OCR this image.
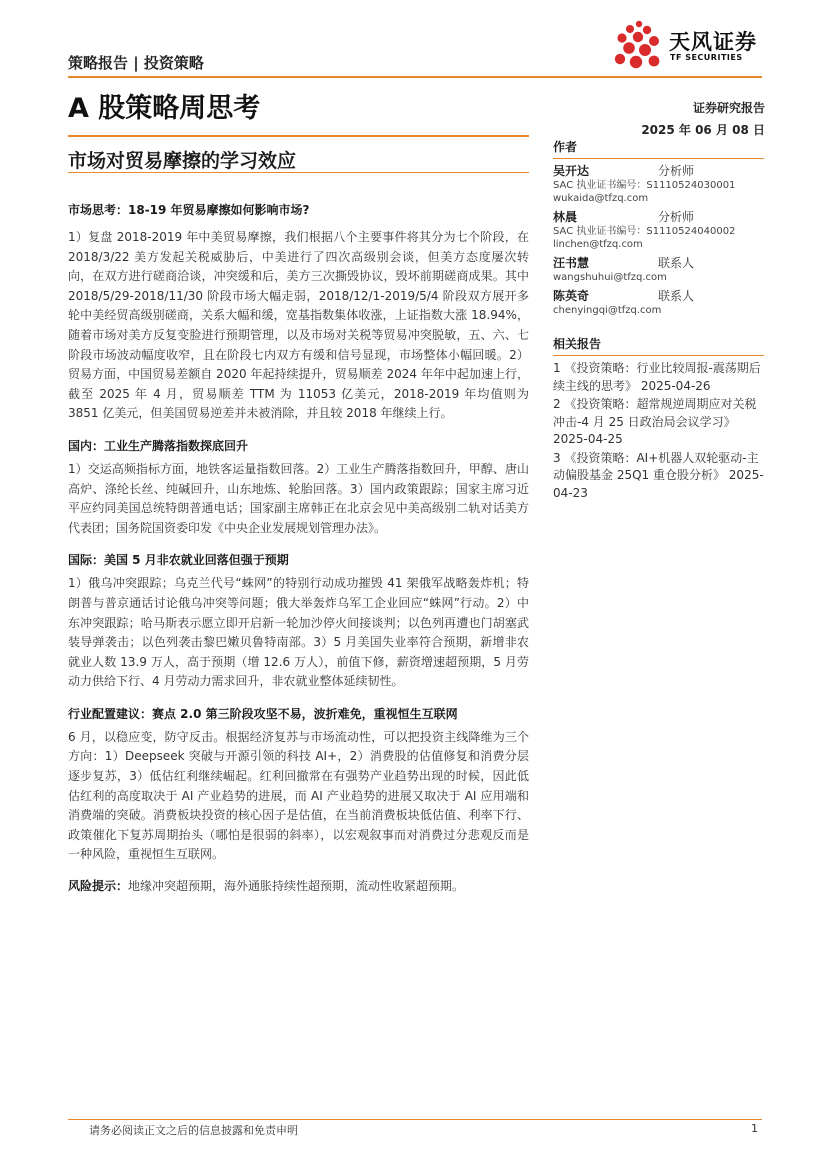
策略报告 | 投资策略
天风证券
TF SECURITIES
A 股策略周思考	证券研究报告
2025 年 06 月 08 日
市场对贸易摩擦的学习效应
市场思考：18-19 年贸易摩擦如何影响市场?

1）复盘 2018-2019 年中美贸易摩擦，我们根据八个主要事件将其分为七个阶段，在 2018/3/22 美方发起关税威胁后，中美进行了四次高级别会谈，但美方态度屡次转向，在双方进行磋商洽谈，冲突缓和后，美方三次撕毁协议，毁坏前期磋商成果。其中 2018/5/29-2018/11/30 阶段市场大幅走弱，2018/12/1-2019/5/4 阶段双方展开多轮中美经贸高级别磋商，关系大幅和缓，宽基指数集体收涨，上证指数大涨 18.94%，随着市场对美方反复变脸进行预期管理，以及市场对关税等贸易冲突脱敏，五、六、七阶段市场波动幅度收窄，且在阶段七内双方有缓和信号显现，市场整体小幅回暖。2）贸易方面，中国贸易差额自 2020 年起持续提升，贸易顺差 2024 年年中起加速上行，截至 2025 年 4 月，贸易顺差 TTM 为 11053 亿美元，2018-2019 年均值则为 3851 亿美元，但美国贸易逆差并未被消除，并且较 2018 年继续上行。

国内：工业生产腾落指数探底回升

1）交运高频指标方面，地铁客运量指数回落。2）工业生产腾落指数回升，甲醇、唐山高炉、涤纶长丝、纯碱回升，山东地炼、轮胎回落。3）国内政策跟踪；国家主席习近平应约同美国总统特朗普通电话；国家副主席韩正在北京会见中美高级别二轨对话美方代表团；国务院国资委印发《中央企业发展规划管理办法》。

国际：美国 5 月非农就业回落但强于预期

1）俄乌冲突跟踪；乌克兰代号“蛛网”的特别行动成功摧毁 41 架俄军战略轰炸机；特朗普与普京通话讨论俄乌冲突等问题；俄大举轰炸乌军工企业回应“蛛网”行动。2）中东冲突跟踪；哈马斯表示愿立即开启新一轮加沙停火间接谈判；以色列再遭也门胡塞武装导弹袭击；以色列袭击黎巴嫩贝鲁特南部。3）5 月美国失业率符合预期，新增非农就业人数 13.9 万人，高于预期（增 12.6 万人），前值下修，薪资增速超预期，5 月劳动力供给下行、4 月劳动力需求回升，非农就业整体延续韧性。

行业配置建议：赛点 2.0 第三阶段攻坚不易，波折难免，重视恒生互联网

6 月，以稳应变，防守反击。根据经济复苏与市场流动性，可以把投资主线降维为三个方向：1）Deepseek 突破与开源引领的科技 AI+，2）消费股的估值修复和消费分层逐步复苏，3）低估红利继续崛起。红利回撤常在有强势产业趋势出现的时候，因此低估红利的高度取决于 AI 产业趋势的进展，而 AI 产业趋势的进展又取决于 AI 应用端和消费端的突破。消费板块投资的核心因子是估值，在当前消费板块低估值、利率下行、政策催化下复苏周期抬头（哪怕是很弱的斜率），以宏观叙事而对消费过分悲观反而是一种风险，重视恒生互联网。

风险提示：地缘冲突超预期，海外通胀持续性超预期，流动性收紧超预期。

作者
吴开达	分析师
SAC 执业证书编号：S1110524030001
wukaida@tfzq.com
林晨	分析师
SAC 执业证书编号：S1110524040002
linchen@tfzq.com
汪书慧	联系人
wangshuhui@tfzq.com
陈英奇	联系人
chenyingqi@tfzq.com
相关报告
1 《投资策略：行业比较周报-震荡期后续主线的思考》 2025-04-26
2 《投资策略：超常规逆周期应对关税冲击-4 月 25 日政治局会议学习》 2025-04-25
3 《投资策略：AI+机器人双轮驱动-主动偏股基金 25Q1 重仓股分析》 2025-04-23
请务必阅读正文之后的信息披露和免责申明	1
